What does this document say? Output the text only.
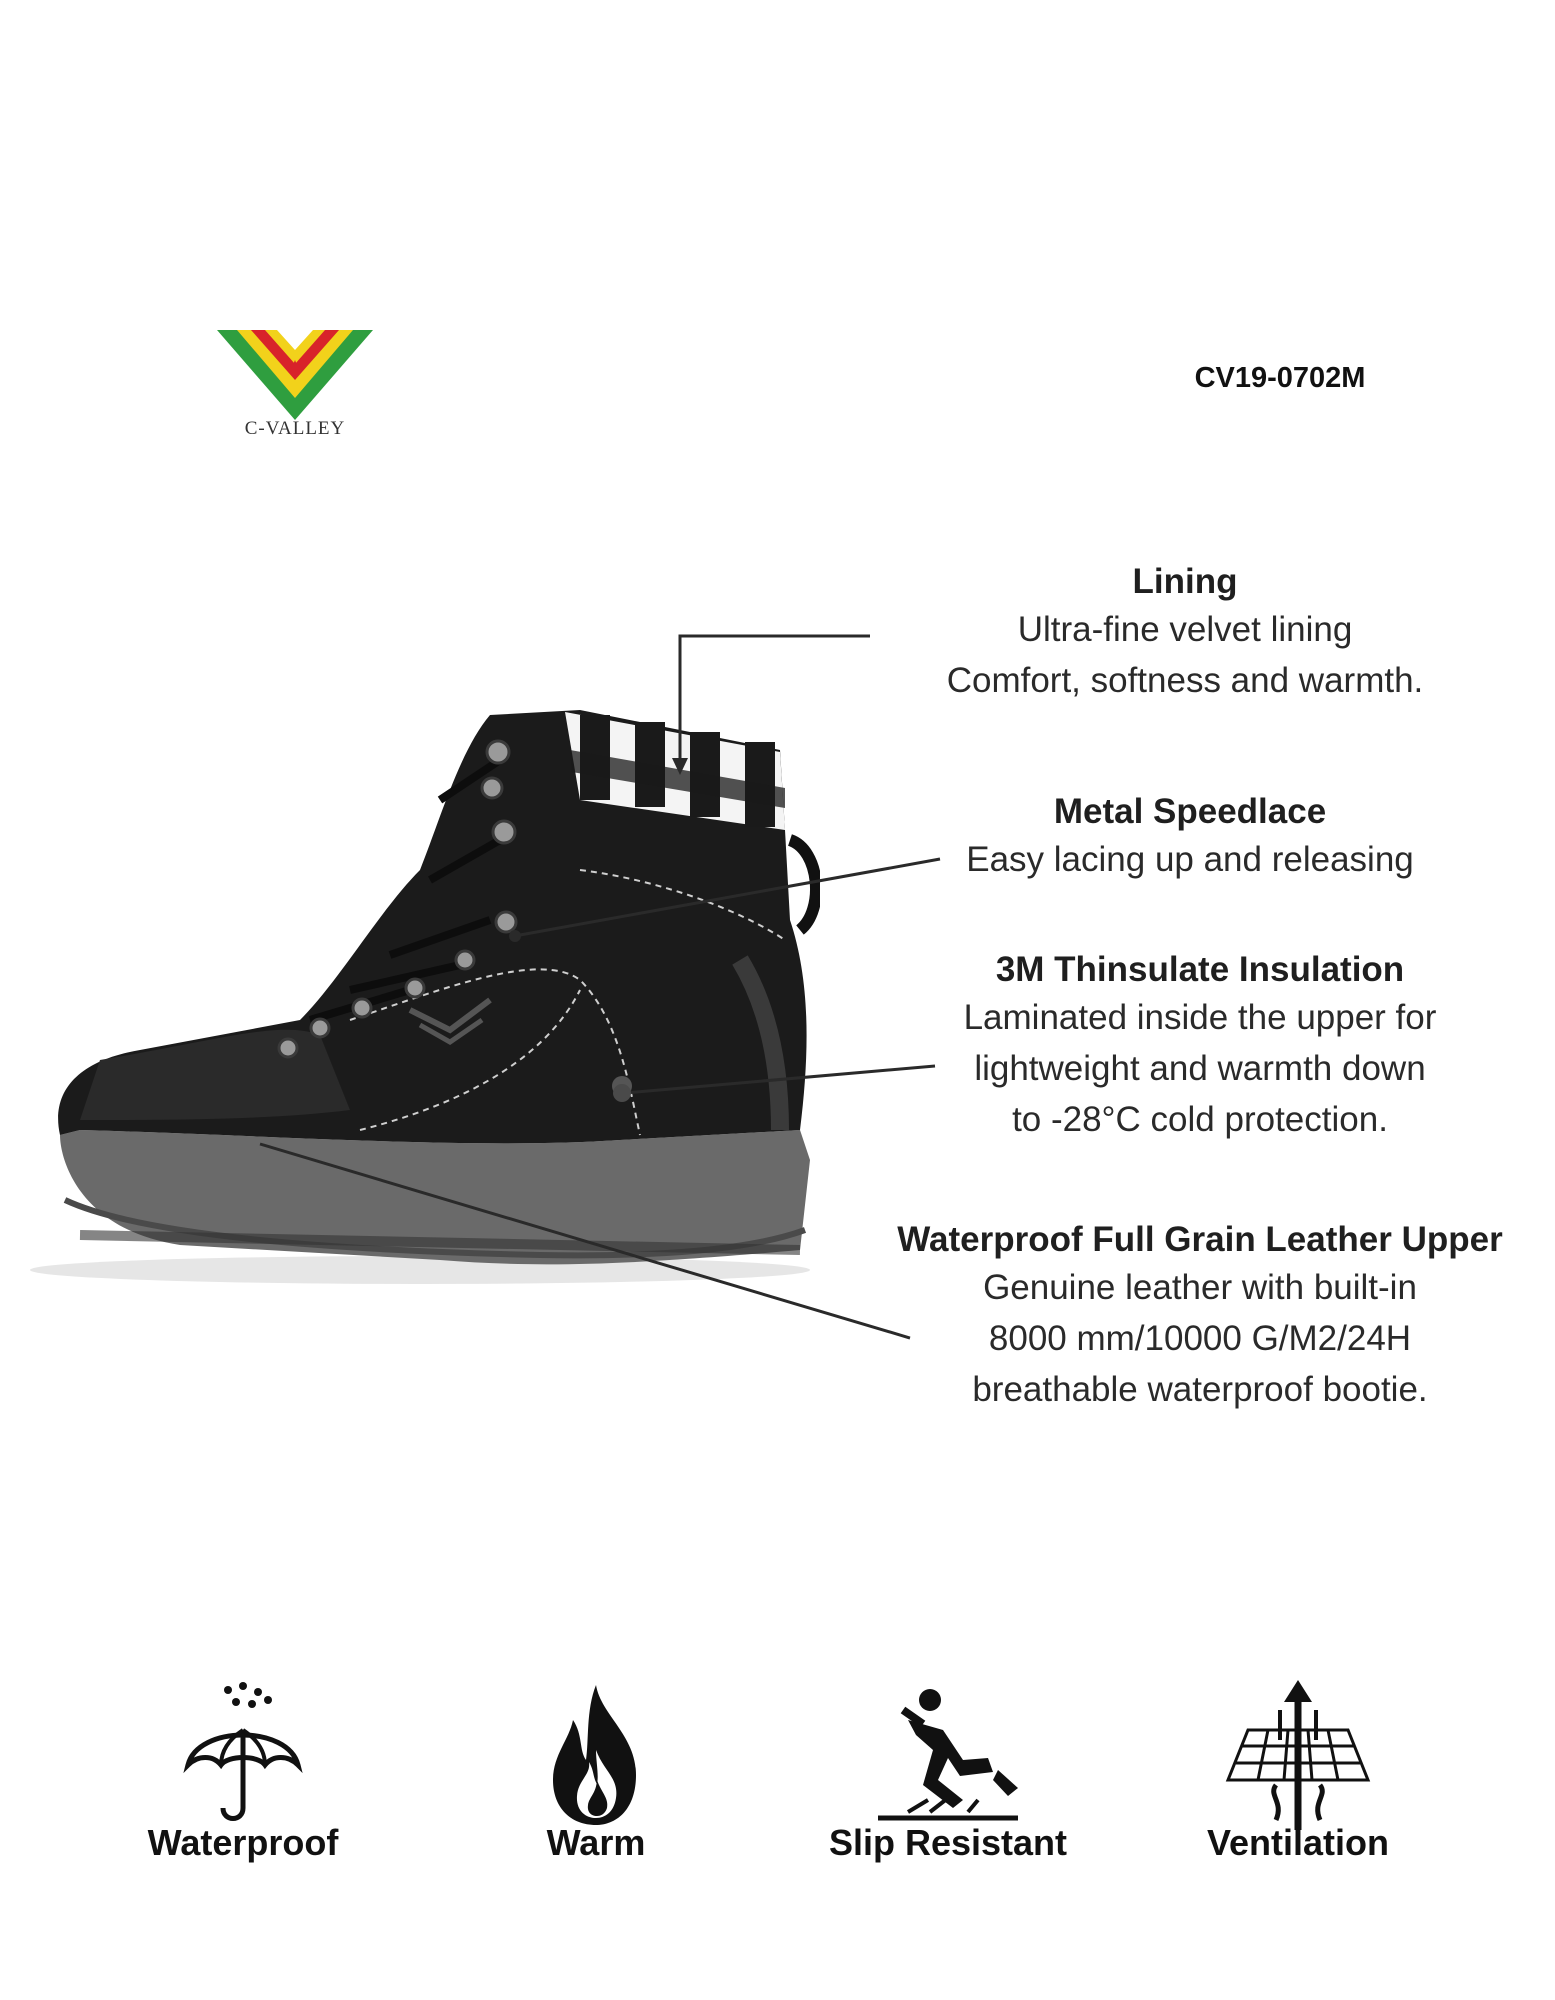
C-VALLEY
CV19-0702M
Lining
Ultra-fine velvet lining
Comfort, softness and warmth.
Metal Speedlace
Easy lacing up and releasing
3M Thinsulate Insulation
Laminated inside the upper for
lightweight and warmth down
to -28°C cold protection.
Waterproof Full Grain Leather Upper
Genuine leather with built-in
8000 mm/10000 G/M2/24H
breathable waterproof bootie.
Waterproof	Warm	Slip Resistant	Ventilation
